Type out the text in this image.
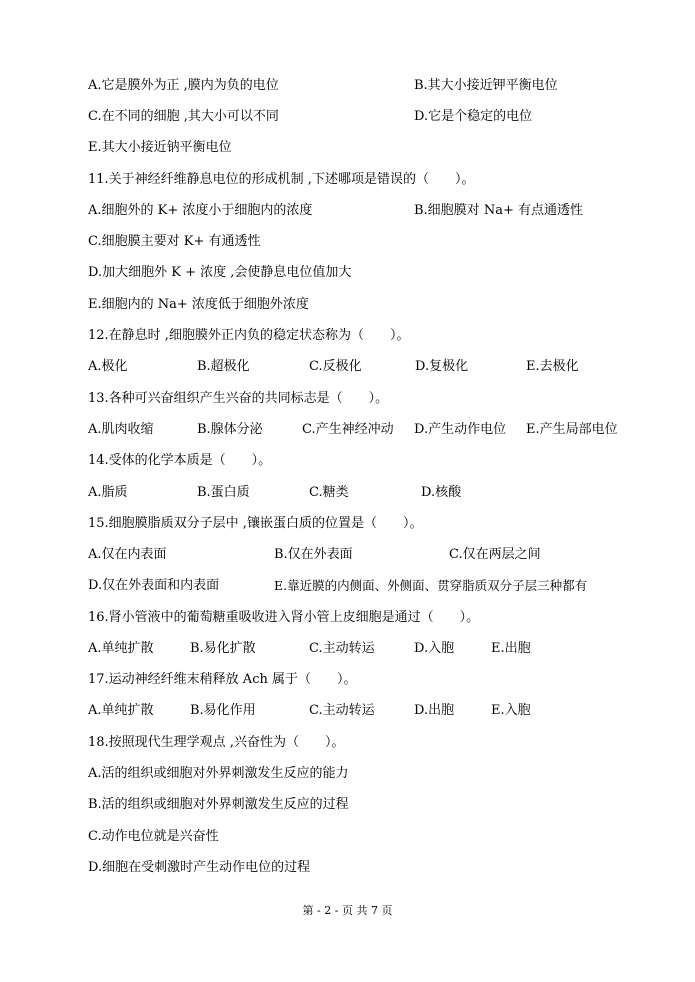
A.它是膜外为正 ,膜内为负的电位	B.其大小接近钾平衡电位
C.在不同的细胞 ,其大小可以不同	D.它是个稳定的电位
E.其大小接近钠平衡电位
11.关于神经纤维静息电位的形成机制 ,下述哪项是错误的（　　）。
A.细胞外的 K+ 浓度小于细胞内的浓度	B.细胞膜对 Na+ 有点通透性
C.细胞膜主要对 K+ 有通透性
D.加大细胞外 K + 浓度 ,会使静息电位值加大
E.细胞内的 Na+ 浓度低于细胞外浓度
12.在静息时 ,细胞膜外正内负的稳定状态称为（　　）。
A.极化	B.超极化	C.反极化	D.复极化	E.去极化
13.各种可兴奋组织产生兴奋的共同标志是（　　）。
A.肌肉收缩	B.腺体分泌	C.产生神经冲动 D.产生动作电位 E.产生局部电位
14.受体的化学本质是（　　）。
A.脂质	B.蛋白质	C.糖类	D.核酸
15.细胞膜脂质双分子层中 ,镶嵌蛋白质的位置是（　　）。
A.仅在内表面	B.仅在外表面	C.仅在两层之间
D.仅在外表面和内表面	E.靠近膜的内侧面、外侧面、贯穿脂质双分子层三种都有
16.肾小管液中的葡萄糖重吸收进入肾小管上皮细胞是通过（　　）。
A.单纯扩散	B.易化扩散	C.主动转运	D.入胞	E.出胞
17.运动神经纤维末稍释放 Ach 属于（　　）。
A.单纯扩散	B.易化作用	C.主动转运	D.出胞	E.入胞
18.按照现代生理学观点 ,兴奋性为（　　）。
A.活的组织或细胞对外界刺激发生反应的能力
B.活的组织或细胞对外界刺激发生反应的过程
C.动作电位就是兴奋性
D.细胞在受刺激时产生动作电位的过程
第 - 2 - 页 共 7 页
